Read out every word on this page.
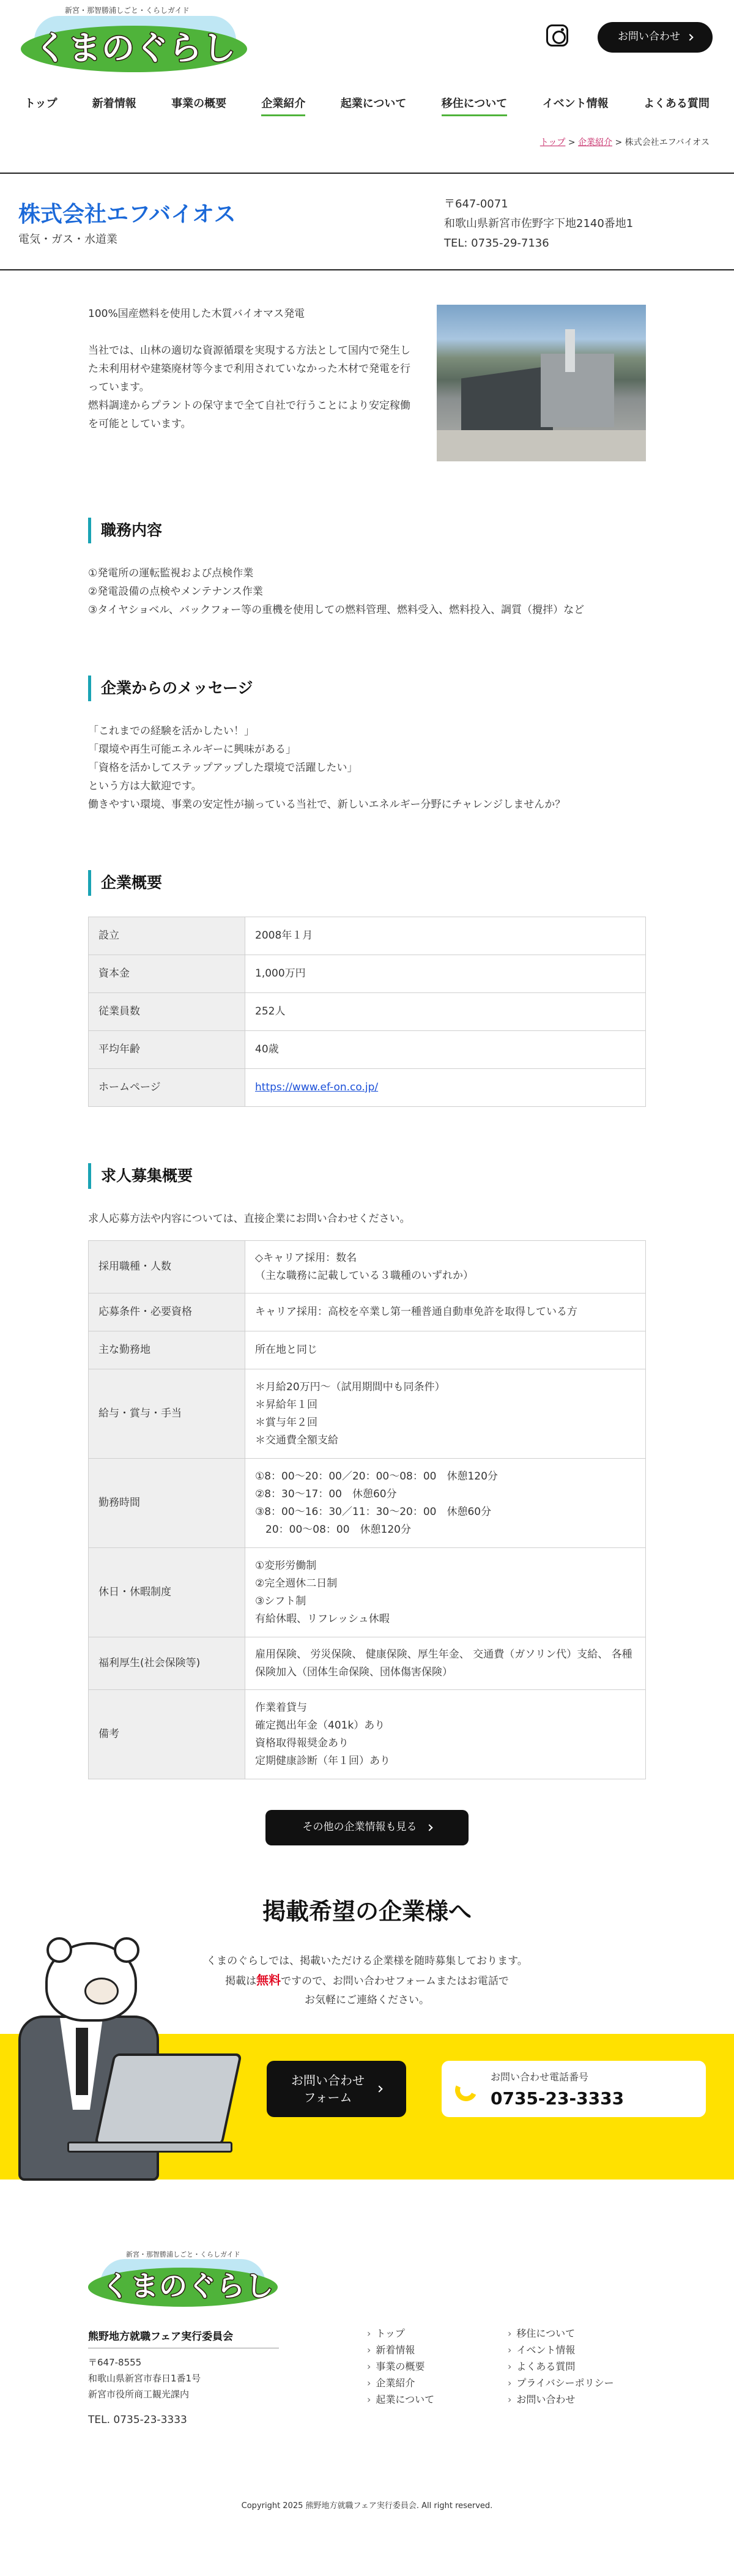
新宮・那智勝浦しごと・くらしガイド
くまのぐらし	お問い合わせ
トップ	新着情報	事業の概要	企業紹介	起業について	移住について	イベント情報	よくある質問
トップ > 企業紹介 > 株式会社エフバイオス
株式会社エフバイオス
電気・ガス・水道業
〒647-0071
和歌山県新宮市佐野字下地2140番地1
TEL: 0735-29-7136

100%国産燃料を使用した木質バイオマス発電

当社では、山林の適切な資源循環を実現する方法として国内で発生した未利用材や建築廃材等今まで利用されていなかった木材で発電を行っています。
燃料調達からプラントの保守まで全て自社で行うことにより安定稼働を可能としています。

職務内容

①発電所の運転監視および点検作業
②発電設備の点検やメンテナンス作業
③タイヤショベル、バックフォー等の重機を使用しての燃料管理、燃料受入、燃料投入、調質（攪拌）など

企業からのメッセージ

「これまでの経験を活かしたい！」
「環境や再生可能エネルギーに興味がある」
「資格を活かしてステップアップした環境で活躍したい」
という方は大歓迎です。
働きやすい環境、事業の安定性が揃っている当社で、新しいエネルギー分野にチャレンジしませんか？

企業概要
設立	2008年１月
資本金	1,000万円
従業員数	252人
平均年齢	40歳
ホームページ	https://www.ef-on.co.jp/
求人募集概要

求人応募方法や内容については、直接企業にお問い合わせください。

採用職種・人数	◇キャリア採用：数名
（主な職務に記載している３職種のいずれか）
応募条件・必要資格	キャリア採用：高校を卒業し第一種普通自動車免許を取得している方
主な勤務地	所在地と同じ
給与・賞与・手当	＊月給20万円〜（試用期間中も同条件）
＊昇給年１回
＊賞与年２回
＊交通費全額支給
勤務時間	①8：00〜20：00／20：00〜08：00　休憩120分
②8：30〜17：00　休憩60分
③8：00〜16：30／11：30〜20：00　休憩60分
　20：00〜08：00　休憩120分
休日・休暇制度	①変形労働制
②完全週休二日制
③シフト制
有給休暇、リフレッシュ休暇
福利厚生(社会保険等)	雇用保険、 労災保険、 健康保険、厚生年金、 交通費（ガソリン代）支給、 各種保険加入（団体生命保険、団体傷害保険）
備考	作業着貸与
確定拠出年金（401k）あり
資格取得報奨金あり
定期健康診断（年１回）あり
その他の企業情報も見る
掲載希望の企業様へ
くまのぐらしでは、掲載いただける企業様を随時募集しております。
掲載は無料ですので、お問い合わせフォームまたはお電話で
お気軽にご連絡ください。
お問い合わせ
フォーム
お問い合わせ電話番号
0735-23-3333
新宮・那智勝浦しごと・くらしガイド
くまのぐらし
熊野地方就職フェア実行委員会
〒647-8555
和歌山県新宮市春日1番1号
新宮市役所商工観光課内
TEL. 0735-23-3333
› トップ
› 新着情報
› 事業の概要
› 企業紹介
› 起業について
› 移住について
› イベント情報
› よくある質問
› プライバシーポリシー
› お問い合わせ
Copyright 2025 熊野地方就職フェア実行委員会. All right reserved.
